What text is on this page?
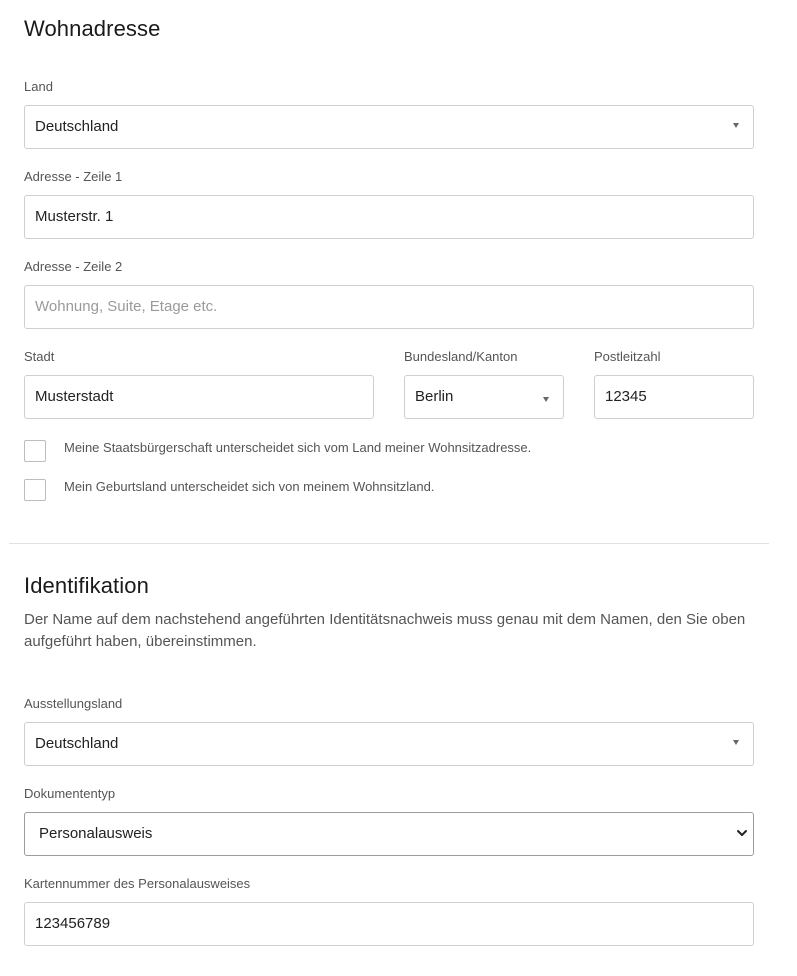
Wohnadresse
Land
Deutschland
Adresse - Zeile 1
Musterstr. 1
Adresse - Zeile 2
Wohnung, Suite, Etage etc.
Stadt
Musterstadt
Bundesland/Kanton
Berlin
Postleitzahl
12345
Meine Staatsbürgerschaft unterscheidet sich vom Land meiner Wohnsitzadresse.
Mein Geburtsland unterscheidet sich von meinem Wohnsitzland.
Identifikation

Der Name auf dem nachstehend angeführten Identitätsnachweis muss genau mit dem Namen, den Sie oben aufgeführt haben, übereinstimmen.

Ausstellungsland
Deutschland
Dokumententyp
Personalausweis
Kartennummer des Personalausweises
123456789
